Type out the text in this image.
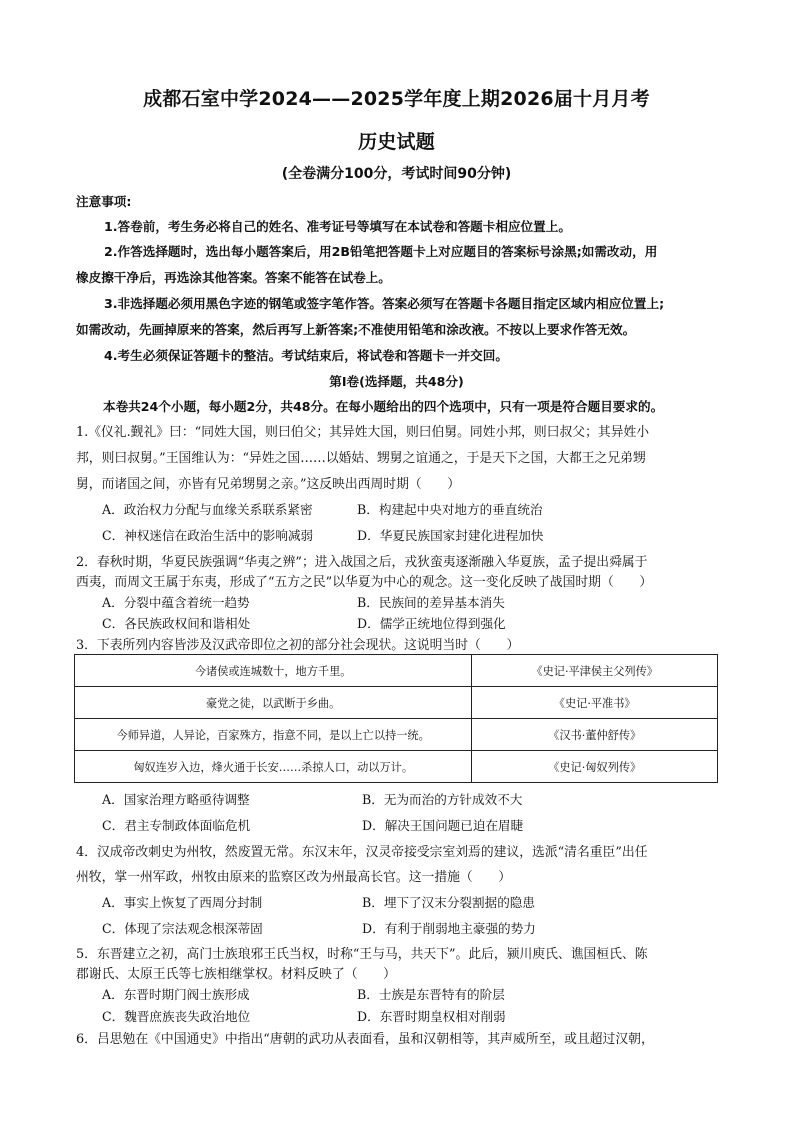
成都石室中学2024——2025学年度上期2026届十月月考
历史试题
(全卷满分100分，考试时间90分钟)
注意事项:
1.答卷前，考生务必将自己的姓名、准考证号等填写在本试卷和答题卡相应位置上。
2.作答选择题时，选出每小题答案后，用2B铅笔把答题卡上对应题目的答案标号涂黑;如需改动，用
橡皮擦干净后，再选涂其他答案。答案不能答在试卷上。
3.非选择题必须用黑色字迹的钢笔或签字笔作答。答案必须写在答题卡各题目指定区域内相应位置上;
如需改动，先画掉原来的答案，然后再写上新答案;不准使用铅笔和涂改液。不按以上要求作答无效。
4.考生必须保证答题卡的整洁。考试结束后，将试卷和答题卡一并交回。
第I卷(选择题，共48分)
本卷共24个小题，每小题2分，共48分。在每小题给出的四个选项中，只有一项是符合题目要求的。
1.《仪礼.觐礼》曰：“同姓大国，则曰伯父；其异姓大国，则曰伯舅。同姓小邦，则曰叔父；其异姓小
邦，则曰叔舅。”王国维认为：“异姓之国……以婚姑、甥舅之谊通之，于是天下之国，大都王之兄弟甥
舅，而诸国之间，亦皆有兄弟甥舅之亲。”这反映出西周时期（　　）
A．政治权力分配与血缘关系联系紧密	B．构建起中央对地方的垂直统治
C．神权迷信在政治生活中的影响减弱	D．华夏民族国家封建化进程加快
2．春秋时期，华夏民族强调“华夷之辨”；进入战国之后，戎狄蛮夷逐渐融入华夏族，孟子提出舜属于
西夷，而周文王属于东夷，形成了“五方之民”以华夏为中心的观念。这一变化反映了战国时期（　　）
A．分裂中蕴含着统一趋势	B．民族间的差异基本消失
C．各民族政权间和谐相处	D．儒学正统地位得到强化
3．下表所列内容皆涉及汉武帝即位之初的部分社会现状。这说明当时（　　）
今诸侯或连城数十，地方千里。	《史记·平津侯主父列传》
豪党之徒，以武断于乡曲。	《史记·平准书》
今师异道，人异论，百家殊方，指意不同，是以上亡以持一统。	《汉书·董仲舒传》
匈奴连岁入边，烽火通于长安……杀掠人口，动以万计。	《史记·匈奴列传》
A．国家治理方略亟待调整	B．无为而治的方针成效不大
C．君主专制政体面临危机	D．解决王国问题已迫在眉睫
4．汉成帝改刺史为州牧，然废置无常。东汉末年，汉灵帝接受宗室刘焉的建议，选派“清名重臣”出任
州牧，掌一州军政，州牧由原来的监察区改为州最高长官。这一措施（　　）
A．事实上恢复了西周分封制	B．埋下了汉末分裂割据的隐患
C．体现了宗法观念根深蒂固	D．有利于削弱地主豪强的势力
5．东晋建立之初，高门士族琅邪王氏当权，时称“王与马，共天下”。此后，颍川庾氏、谯国桓氏、陈
郡谢氏、太原王氏等七族相继掌权。材料反映了（　　）
A．东晋时期门阀士族形成	B．士族是东晋特有的阶层
C．魏晋庶族丧失政治地位	D．东晋时期皇权相对削弱
6．吕思勉在《中国通史》中指出“唐朝的武功从表面看，虽和汉朝相等，其声威所至，或且超过汉朝，
